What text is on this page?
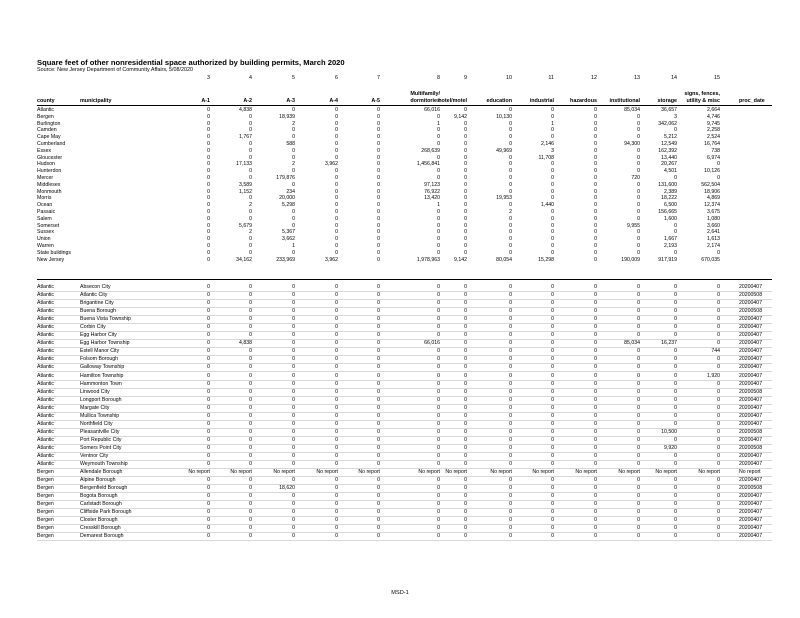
Square feet of other nonresidential space authorized by building permits, March 2020
Source: New Jersey Department of Community Affairs, 5/08/2020
3	4	5	6	7	8	9	10	11	12	13	14	15
county	municipality
Multifamily/	signs, fences,
proc_date
A-1	A-2	A-3	A-4	A-5	dormitories
hotel/motel	education	industrial	hazardous	institutional	storage	utility & misc
Atlantic	0	4,838	0	0	0	66,016	0	0	0	0	85,034	36,657	2,664
Bergen	0	0	18,939	0	0	0	9,142	10,130	0	0	0	3	4,746
Burlington	0	0	2	0	0	1	0	0	1	0	0	342,062	9,745
Camden	0	0	0	0	0	0	0	0	0	0	0	0	2,258
Cape May	0	1,767	0	0	0	0	0	0	0	0	0	5,212	2,524
Cumberland	0	0	588	0	0	0	0	0	2,146	0	94,300	12,549	16,764
Essex	0	0	0	0	0	268,639	0	49,969	3	0	0	162,392	738
Gloucester	0	0	0	0	0	0	0	0	11,708	0	0	13,440	6,974
Hudson	0	17,133	2	3,962	0	1,456,841	0	0	0	0	0	20,267	0
Hunterdon	0	0	0	0	0	0	0	0	0	0	0	4,501	10,126
Mercer	0	0	179,876	0	0	0	0	0	0	0	720	0	0
Middlesex	0	3,589	0	0	0	97,123	0	0	0	0	0	131,600	562,504
Monmouth	0	1,152	234	0	0	76,922	0	0	0	0	0	2,389	18,906
Morris	0	0	20,000	0	0	13,420	0	19,953	0	0	0	18,222	4,869
Ocean	0	2	5,298	0	0	1	0	0	1,440	0	0	6,500	12,374
Passaic	0	0	0	0	0	0	0	2	0	0	0	156,665	3,675
Salem	0	0	0	0	0	0	0	0	0	0	0	1,600	1,080
Somerset	0	5,679	0	0	0	0	0	0	0	0	9,955	0	3,660
Sussex	0	2	5,367	0	0	0	0	0	0	0	0	0	2,641
Union	0	0	3,662	0	0	0	0	0	0	0	0	1,667	1,613
Warren	0	0	1	0	0	0	0	0	0	0	0	2,193	2,174
State buildings	0	0	0	0	0	0	0	0	0	0	0	0	0
New Jersey	0	34,162	233,969	3,962	0	1,978,963	9,142	80,054	15,298	0	190,009	917,919	670,035
Atlantic	Absecon City	0	0	0	0	0	0	0	0	0	0	0	0	0	20200407
Atlantic	Atlantic City	0	0	0	0	0	0	0	0	0	0	0	0	0	20200508
Atlantic	Brigantine City	0	0	0	0	0	0	0	0	0	0	0	0	0	20200407
Atlantic	Buena Borough	0	0	0	0	0	0	0	0	0	0	0	0	0	20200508
Atlantic	Buena Vista Township	0	0	0	0	0	0	0	0	0	0	0	0	0	20200407
Atlantic	Corbin City	0	0	0	0	0	0	0	0	0	0	0	0	0	20200407
Atlantic	Egg Harbor City	0	0	0	0	0	0	0	0	0	0	0	0	0	20200407
Atlantic	Egg Harbor Township	0	4,838	0	0	0	66,016	0	0	0	0	85,034	16,237	0	20200407
Atlantic	Estell Manor City	0	0	0	0	0	0	0	0	0	0	0	0	744	20200407
Atlantic	Folsom Borough	0	0	0	0	0	0	0	0	0	0	0	0	0	20200407
Atlantic	Galloway Township	0	0	0	0	0	0	0	0	0	0	0	0	0	20200407
Atlantic	Hamilton Township	0	0	0	0	0	0	0	0	0	0	0	0	1,920	20200407
Atlantic	Hammonton Town	0	0	0	0	0	0	0	0	0	0	0	0	0	20200407
Atlantic	Linwood City	0	0	0	0	0	0	0	0	0	0	0	0	0	20200508
Atlantic	Longport Borough	0	0	0	0	0	0	0	0	0	0	0	0	0	20200407
Atlantic	Margate City	0	0	0	0	0	0	0	0	0	0	0	0	0	20200407
Atlantic	Mullica Township	0	0	0	0	0	0	0	0	0	0	0	0	0	20200407
Atlantic	Northfield City	0	0	0	0	0	0	0	0	0	0	0	0	0	20200407
Atlantic	Pleasantville City	0	0	0	0	0	0	0	0	0	0	0	10,500	0	20200508
Atlantic	Port Republic City	0	0	0	0	0	0	0	0	0	0	0	0	0	20200407
Atlantic	Somers Point City	0	0	0	0	0	0	0	0	0	0	0	9,920	0	20200508
Atlantic	Ventnor City	0	0	0	0	0	0	0	0	0	0	0	0	0	20200407
Atlantic	Weymouth Township	0	0	0	0	0	0	0	0	0	0	0	0	0	20200407
Bergen	Allendale Borough	No report	No report	No report	No report	No report	No report	No report	No report	No report	No report	No report	No report	No report	No report
Bergen	Alpine Borough	0	0	0	0	0	0	0	0	0	0	0	0	0	20200407
Bergen	Bergenfield Borough	0	0	18,620	0	0	0	0	0	0	0	0	0	0	20200508
Bergen	Bogota Borough	0	0	0	0	0	0	0	0	0	0	0	0	0	20200407
Bergen	Carlstadt Borough	0	0	0	0	0	0	0	0	0	0	0	0	0	20200407
Bergen	Cliffside Park Borough	0	0	0	0	0	0	0	0	0	0	0	0	0	20200407
Bergen	Closter Borough	0	0	0	0	0	0	0	0	0	0	0	0	0	20200407
Bergen	Cresskill Borough	0	0	0	0	0	0	0	0	0	0	0	0	0	20200407
Bergen	Demarest Borough	0	0	0	0	0	0	0	0	0	0	0	0	0	20200407
MSD-1
